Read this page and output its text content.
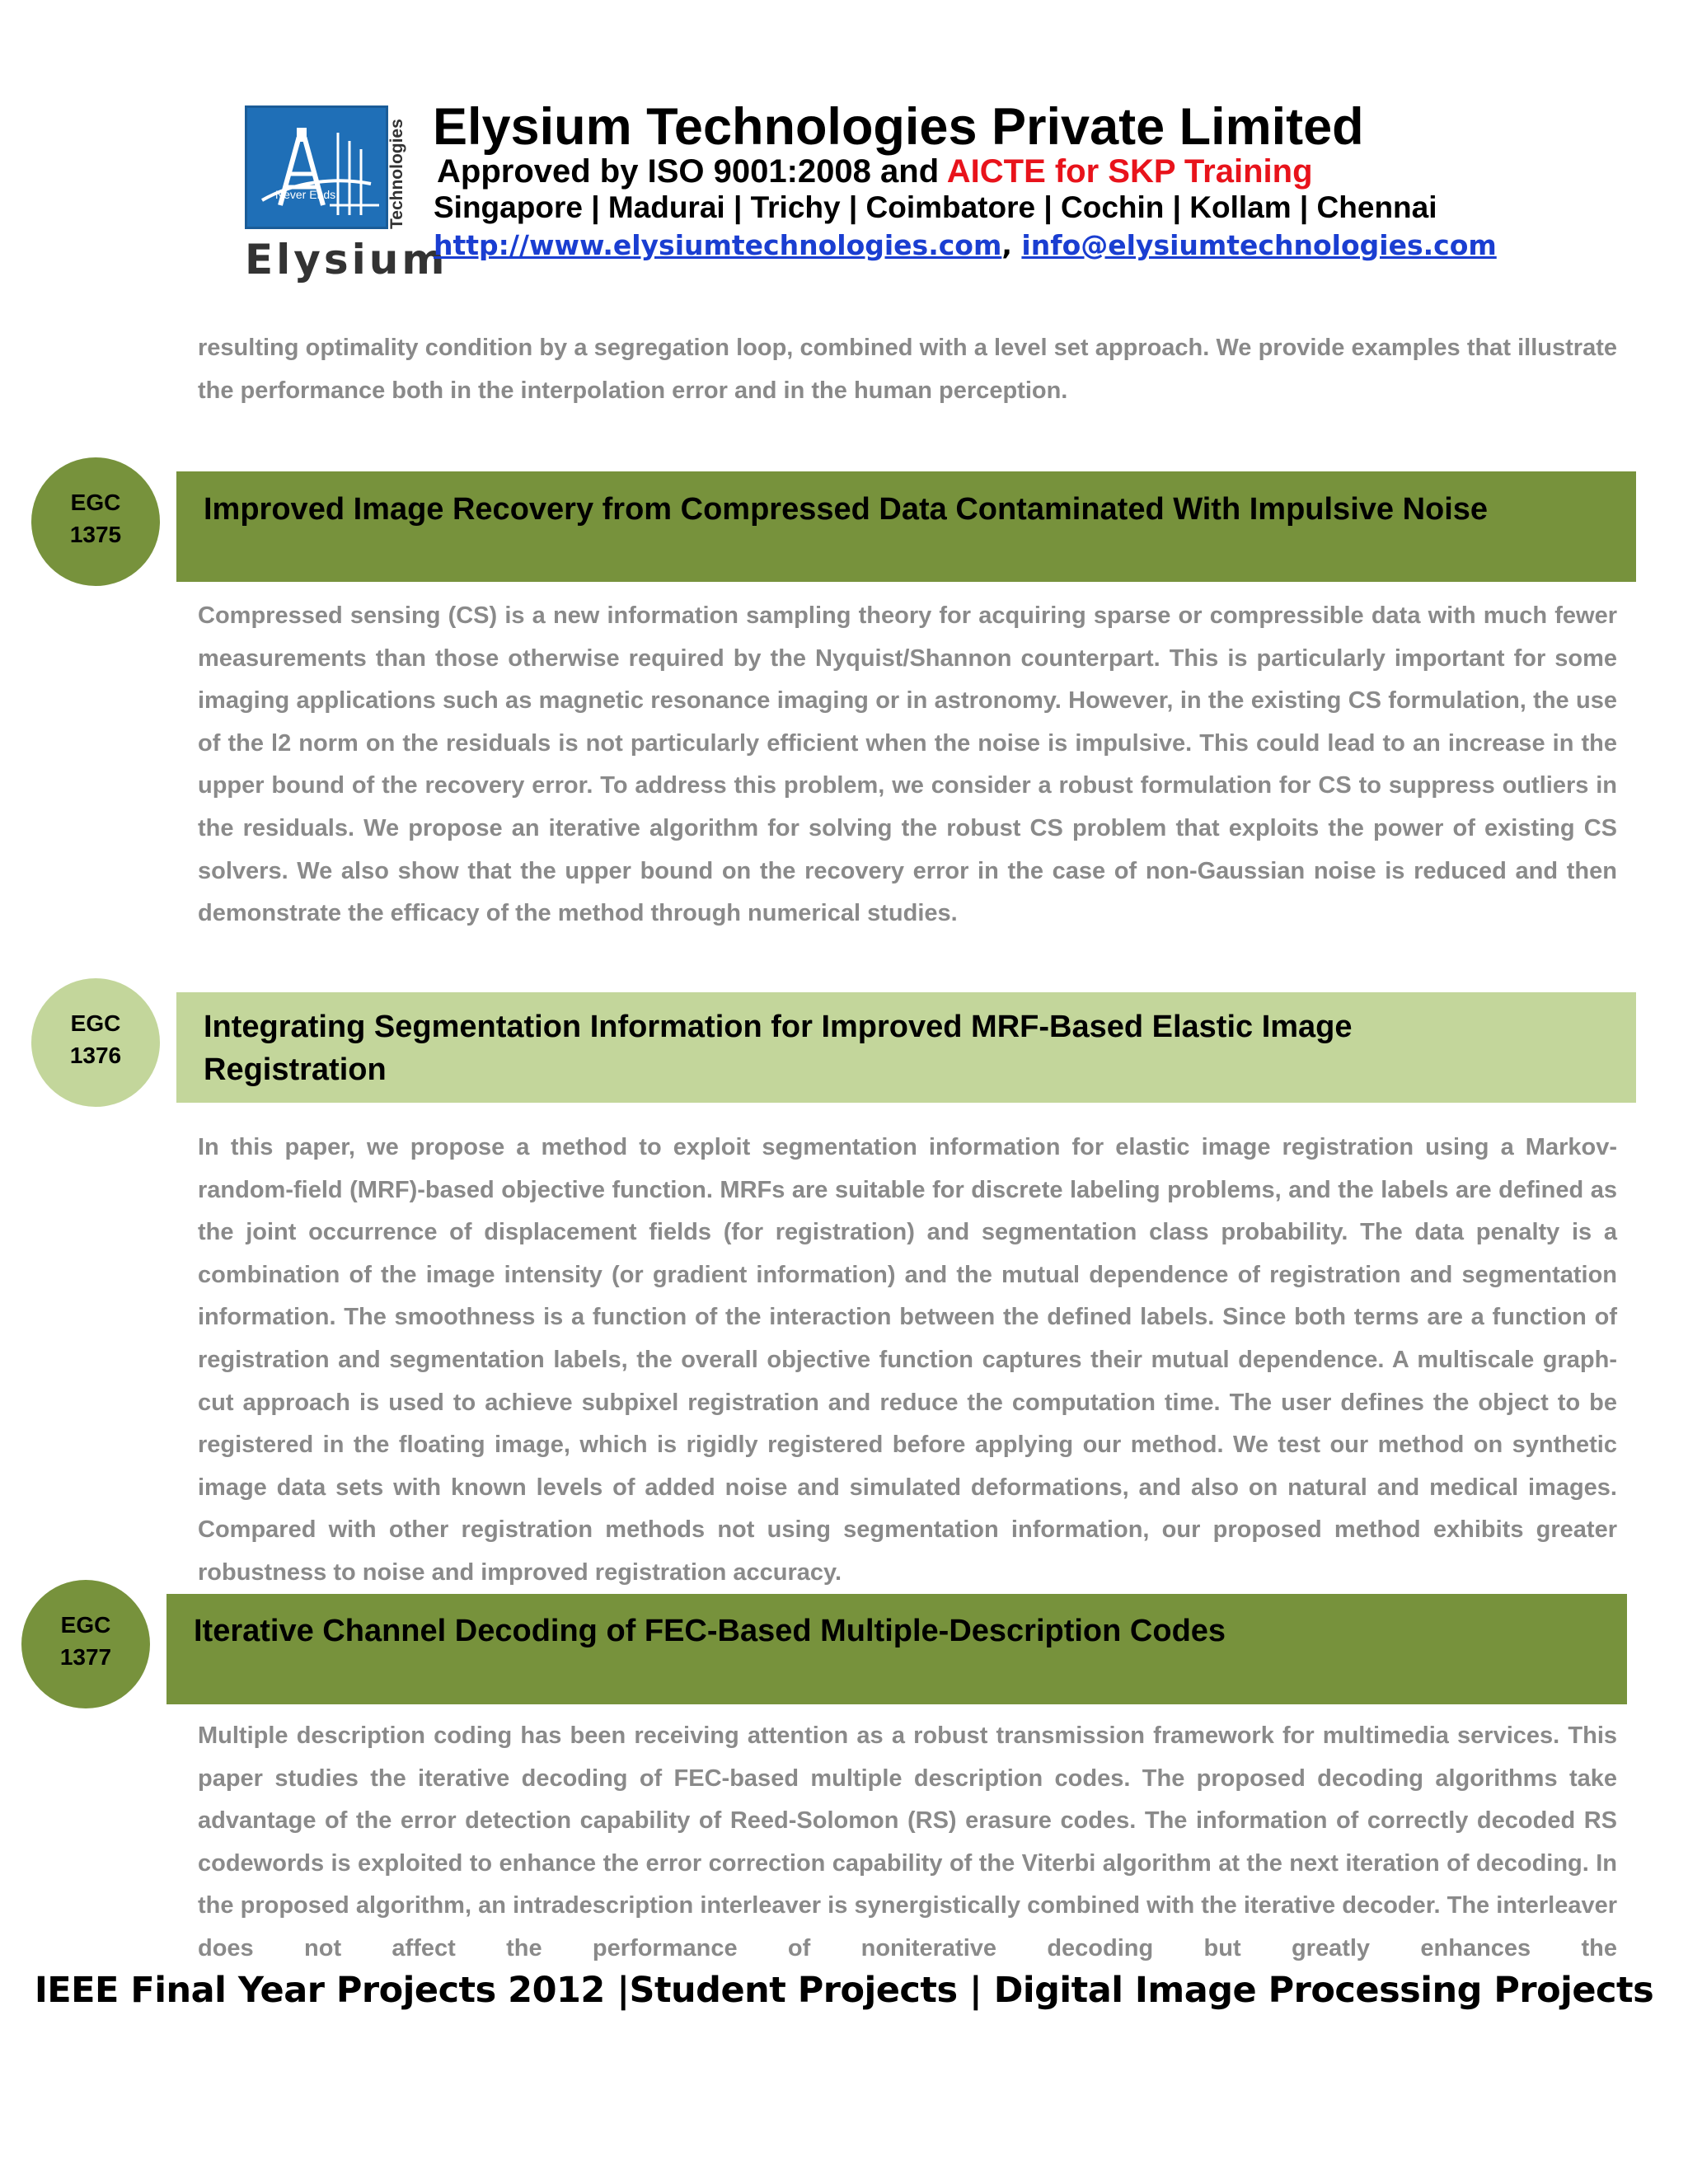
Never Ends	Technologies
Elysium
Elysium Technologies Private Limited
Approved by ISO 9001:2008 and AICTE for SKP Training
Singapore | Madurai | Trichy | Coimbatore | Cochin | Kollam | Chennai
http://www.elysiumtechnologies.com, info@elysiumtechnologies.com
resulting optimality condition by a segregation loop, combined with a level set approach. We provide examples that illustrate the performance both in the interpolation error and in the human perception.
Improved Image Recovery from Compressed Data Contaminated With Impulsive Noise
EGC
1375
Compressed sensing (CS) is a new information sampling theory for acquiring sparse or compressible data with much fewer measurements than those otherwise required by the Nyquist/Shannon counterpart. This is particularly important for some imaging applications such as magnetic resonance imaging or in astronomy. However, in the existing CS formulation, the use of the l2 norm on the residuals is not particularly efficient when the noise is impulsive. This could lead to an increase in the upper bound of the recovery error. To address this problem, we consider a robust formulation for CS to suppress outliers in the residuals. We propose an iterative algorithm for solving the robust CS problem that exploits the power of existing CS solvers. We also show that the upper bound on the recovery error in the case of non-Gaussian noise is reduced and then demonstrate the efficacy of the method through numerical studies.
Integrating Segmentation Information for Improved MRF-Based Elastic Image
Registration
EGC
1376
In this paper, we propose a method to exploit segmentation information for elastic image registration using a Markov-random-field (MRF)-based objective function. MRFs are suitable for discrete labeling problems, and the labels are defined as the joint occurrence of displacement fields (for registration) and segmentation class probability. The data penalty is a combination of the image intensity (or gradient information) and the mutual dependence of registration and segmentation information. The smoothness is a function of the interaction between the defined labels. Since both terms are a function of registration and segmentation labels, the overall objective function captures their mutual dependence. A multiscale graph-cut approach is used to achieve subpixel registration and reduce the computation time. The user defines the object to be registered in the floating image, which is rigidly registered before applying our method. We test our method on synthetic image data sets with known levels of added noise and simulated deformations, and also on natural and medical images. Compared with other registration methods not using segmentation information, our proposed method exhibits greater robustness to noise and improved registration accuracy.
Iterative Channel Decoding of FEC-Based Multiple-Description Codes
EGC
1377
Multiple description coding has been receiving attention as a robust transmission framework for multimedia services. This paper studies the iterative decoding of FEC-based multiple description codes. The proposed decoding algorithms take advantage of the error detection capability of Reed-Solomon (RS) erasure codes. The information of correctly decoded RS codewords is exploited to enhance the error correction capability of the Viterbi algorithm at the next iteration of decoding. In the proposed algorithm, an intradescription interleaver is synergistically combined with the iterative decoder. The interleaver does not affect the performance of noniterative decoding but greatly enhances the
IEEE Final Year Projects 2012 |Student Projects | Digital Image Processing Projects
